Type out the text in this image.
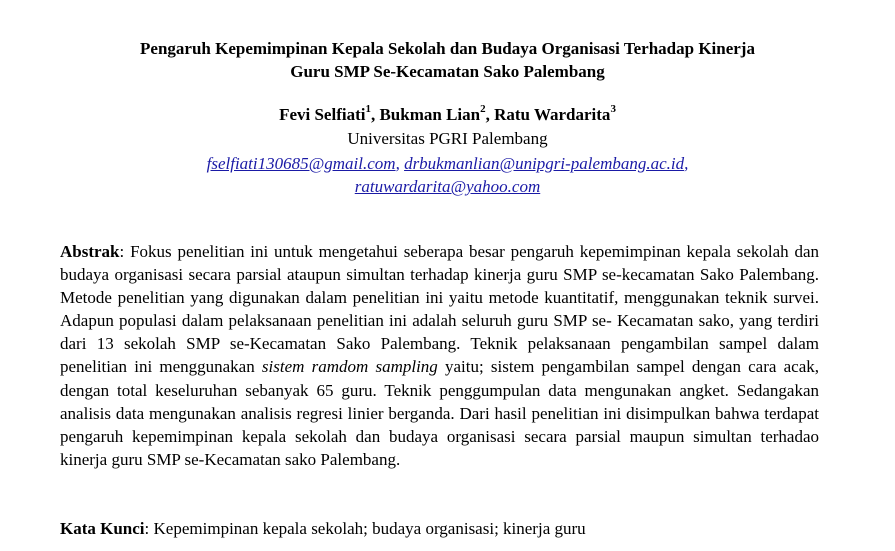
Pengaruh Kepemimpinan Kepala Sekolah dan Budaya Organisasi Terhadap Kinerja
Guru SMP Se-Kecamatan Sako Palembang
Fevi Selfiati$^1$, Bukman Lian$^2$, Ratu Wardarita$^3$
Universitas PGRI Palembang
fselfiati130685@gmail.com, drbukmanlian@unipgri-palembang.ac.id,
ratuwardarita@yahoo.com

Abstrak: Fokus penelitian ini untuk mengetahui seberapa besar pengaruh kepemimpinan kepala sekolah dan budaya organisasi secara parsial ataupun simultan terhadap kinerja guru SMP se-kecamatan Sako Palembang. Metode penelitian yang digunakan dalam penelitian ini yaitu metode kuantitatif, menggunakan teknik survei. Adapun populasi dalam pelaksanaan penelitian ini adalah seluruh guru SMP se- Kecamatan sako, yang terdiri dari 13 sekolah SMP se-Kecamatan Sako Palembang. Teknik pelaksanaan pengambilan sampel dalam penelitian ini menggunakan sistem ramdom sampling yaitu; sistem pengambilan sampel dengan cara acak, dengan total keseluruhan sebanyak 65 guru. Teknik penggumpulan data mengunakan angket. Sedangakan analisis data mengunakan analisis regresi linier berganda. Dari hasil penelitian ini disimpulkan bahwa terdapat pengaruh kepemimpinan kepala sekolah dan budaya organisasi secara parsial maupun simultan terhadao kinerja guru SMP se-Kecamatan sako Palembang.

Kata Kunci: Kepemimpinan kepala sekolah; budaya organisasi; kinerja guru
